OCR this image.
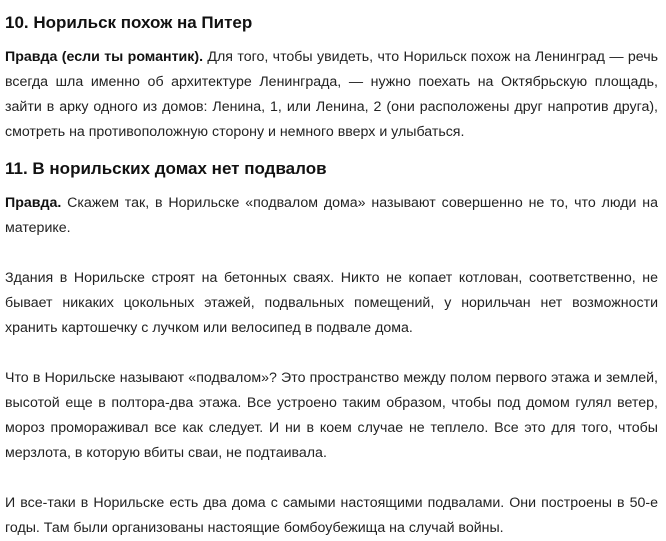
10. Норильск похож на Питер

Правда (если ты романтик). Для того, чтобы увидеть, что Норильск похож на Ленинград — речь всегда шла именно об архитектуре Ленинграда, — нужно поехать на Октябрьскую площадь, зайти в арку одного из домов: Ленина, 1, или Ленина, 2 (они расположены друг напротив друга), смотреть на противоположную сторону и немного вверх и улыбаться.

11. В норильских домах нет подвалов

Правда. Скажем так, в Норильске «подвалом дома» называют совершенно не то, что люди на материке.

Здания в Норильске строят на бетонных сваях. Никто не копает котлован, соответственно, не бывает никаких цокольных этажей, подвальных помещений, у норильчан нет возможности хранить картошечку с лучком или велосипед в подвале дома.

Что в Норильске называют «подвалом»? Это пространство между полом первого этажа и землей, высотой еще в полтора-два этажа. Все устроено таким образом, чтобы под домом гулял ветер, мороз промораживал все как следует. И ни в коем случае не теплело. Все это для того, чтобы мерзлота, в которую вбиты сваи, не подтаивала.

И все-таки в Норильске есть два дома с самыми настоящими подвалами. Они построены в 50-е годы. Там были организованы настоящие бомбоубежища на случай войны.
